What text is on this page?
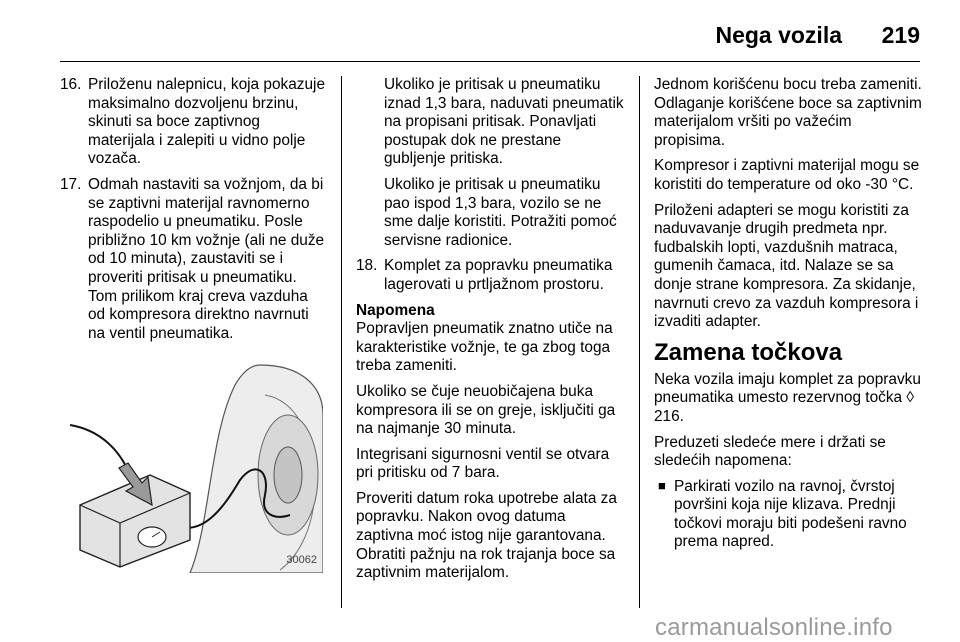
Nega vozila 219
16. Priloženu nalepnicu, koja pokazuje maksimalno dozvoljenu brzinu, skinuti sa boce zaptivnog materijala i zalepiti u vidno polje vozača.
17. Odmah nastaviti sa vožnjom, da bi se zaptivni materijal ravnomerno raspodelio u pneumatiku. Posle približno 10 km vožnje (ali ne duže od 10 minuta), zaustaviti se i proveriti pritisak u pneumatiku. Tom prilikom kraj creva vazduha od kompresora direktno navrnuti na ventil pneumatika.
30062

Ukoliko je pritisak u pneumatiku iznad 1,3 bara, naduvati pneumatik na propisani pritisak. Ponavljati postupak dok ne prestane gubljenje pritiska.

Ukoliko je pritisak u pneumatiku pao ispod 1,3 bara, vozilo se ne sme dalje koristiti. Potražiti pomoć servisne radionice.

18. Komplet za popravku pneumatika lagerovati u prtljažnom prostoru.
Napomena

Popravljen pneumatik znatno utiče na karakteristike vožnje, te ga zbog toga treba zameniti.

Ukoliko se čuje neuobičajena buka kompresora ili se on greje, isključiti ga na najmanje 30 minuta.

Integrisani sigurnosni ventil se otvara pri pritisku od 7 bara.

Proveriti datum roka upotrebe alata za popravku. Nakon ovog datuma zaptivna moć istog nije garantovana. Obratiti pažnju na rok trajanja boce sa zaptivnim materijalom.

Jednom korišćenu bocu treba zameniti. Odlaganje korišćene boce sa zaptivnim materijalom vršiti po važećim propisima.

Kompresor i zaptivni materijal mogu se koristiti do temperature od oko -30 °C.

Priloženi adapteri se mogu koristiti za naduvavanje drugih predmeta npr. fudbalskih lopti, vazdušnih matraca, gumenih čamaca, itd. Nalaze se sa donje strane kompresora. Za skidanje, navrnuti crevo za vazduh kompresora i izvaditi adapter.

Zamena točkova

Neka vozila imaju komplet za popravku pneumatika umesto rezervnog točka ◊ 216.

Preduzeti sledeće mere i držati se sledećih napomena:

■ Parkirati vozilo na ravnoj, čvrstoj površini koja nije klizava. Prednji točkovi moraju biti podešeni ravno prema napred.
carmanualsonline.info
